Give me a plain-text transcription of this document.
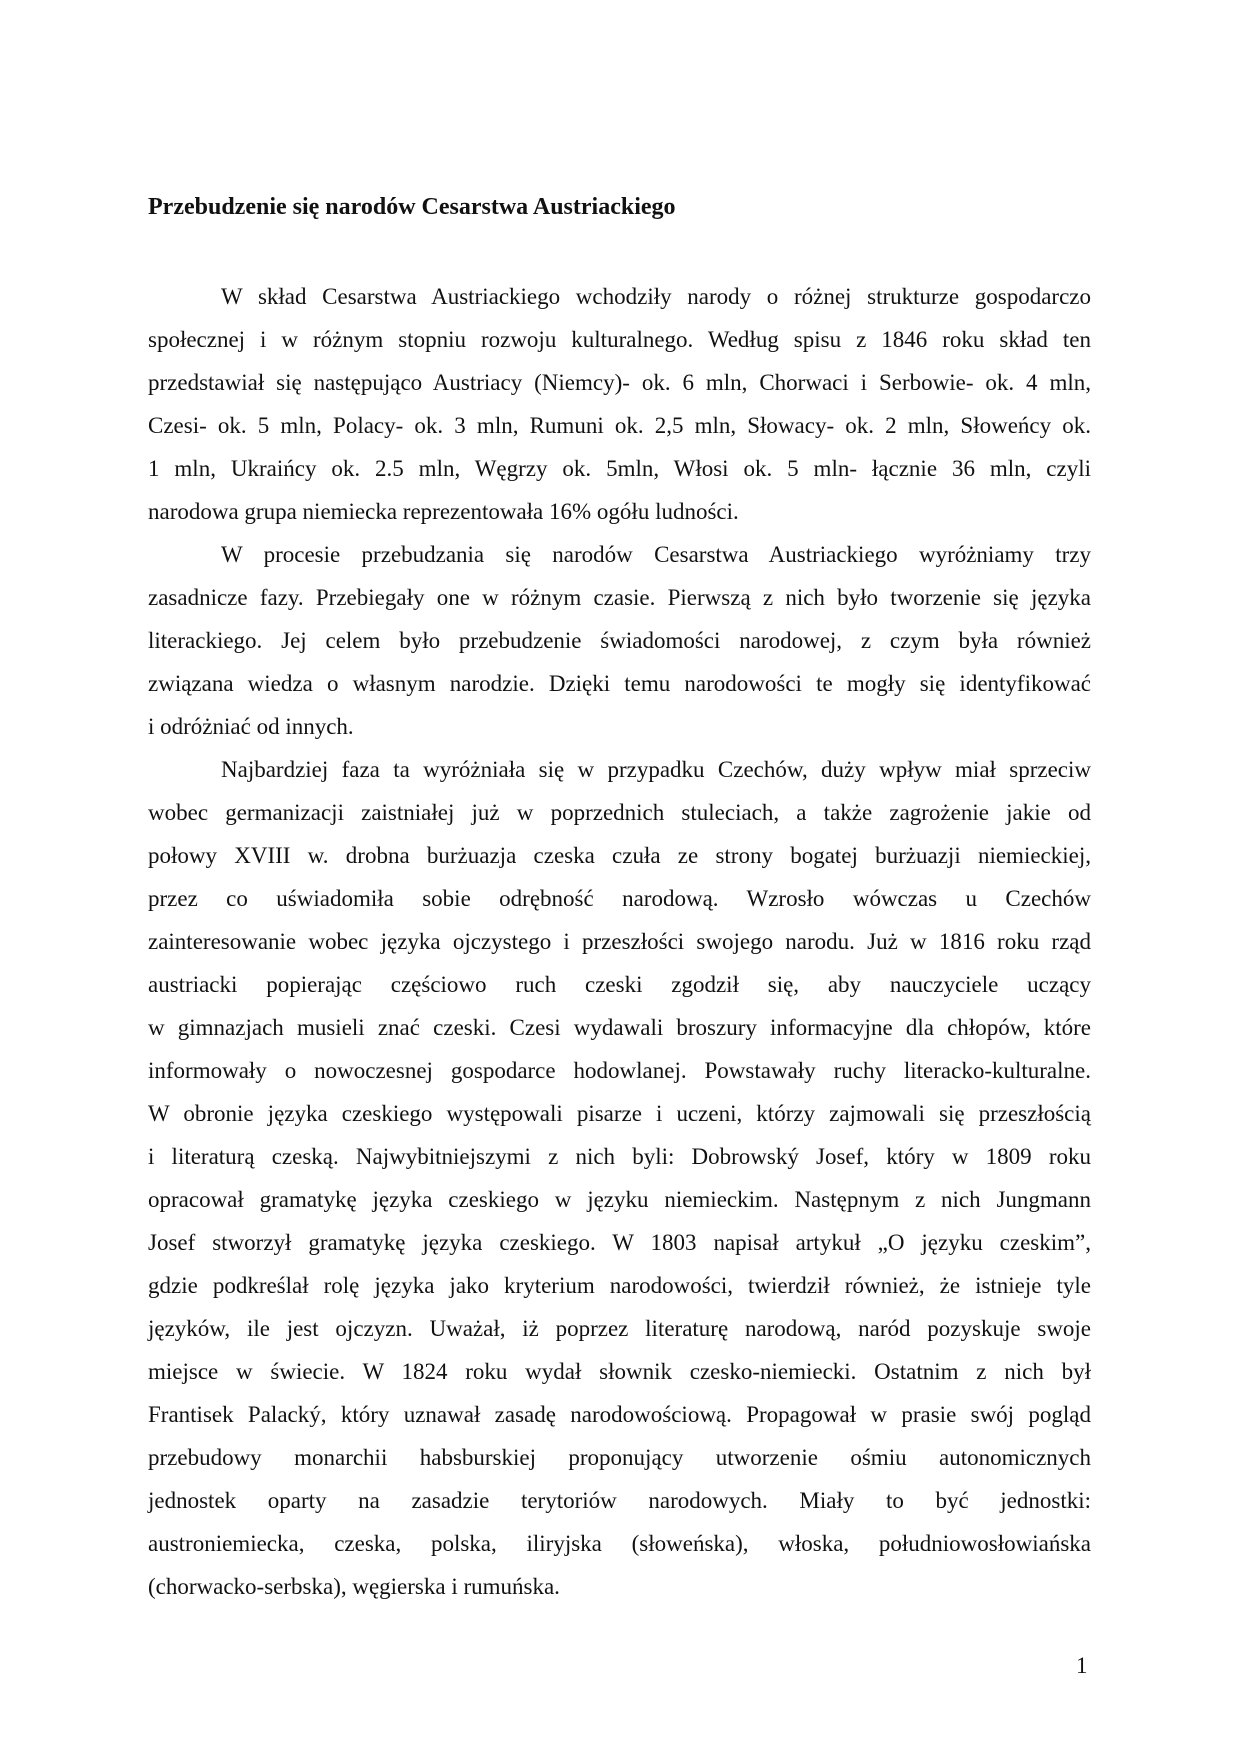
Przebudzenie się narodów Cesarstwa Austriackiego
W skład Cesarstwa Austriackiego wchodziły narody o różnej strukturze gospodarczo
społecznej i w różnym stopniu rozwoju kulturalnego. Według spisu z 1846 roku skład ten
przedstawiał się następująco Austriacy (Niemcy)- ok. 6 mln, Chorwaci i Serbowie- ok. 4 mln,
Czesi- ok. 5 mln, Polacy- ok. 3 mln, Rumuni ok. 2,5 mln, Słowacy- ok. 2 mln, Słoweńcy ok.
1 mln, Ukraińcy ok. 2.5 mln, Węgrzy ok. 5mln, Włosi ok. 5 mln- łącznie 36 mln, czyli
narodowa grupa niemiecka reprezentowała 16% ogółu ludności.
W procesie przebudzania się narodów Cesarstwa Austriackiego wyróżniamy trzy
zasadnicze fazy. Przebiegały one w różnym czasie. Pierwszą z nich było tworzenie się języka
literackiego. Jej celem było przebudzenie świadomości narodowej, z czym była również
związana wiedza o własnym narodzie. Dzięki temu narodowości te mogły się identyfikować
i odróżniać od innych.
Najbardziej faza ta wyróżniała się w przypadku Czechów, duży wpływ miał sprzeciw
wobec germanizacji zaistniałej już w poprzednich stuleciach, a także zagrożenie jakie od
połowy XVIII w. drobna burżuazja czeska czuła ze strony bogatej burżuazji niemieckiej,
przez co uświadomiła sobie odrębność narodową. Wzrosło wówczas u Czechów
zainteresowanie wobec języka ojczystego i przeszłości swojego narodu. Już w 1816 roku rząd
austriacki popierając częściowo ruch czeski zgodził się, aby nauczyciele uczący
w gimnazjach musieli znać czeski. Czesi wydawali broszury informacyjne dla chłopów, które
informowały o nowoczesnej gospodarce hodowlanej. Powstawały ruchy literacko-kulturalne.
W obronie języka czeskiego występowali pisarze i uczeni, którzy zajmowali się przeszłością
i literaturą czeską. Najwybitniejszymi z nich byli: Dobrowský Josef, który w 1809 roku
opracował gramatykę języka czeskiego w języku niemieckim. Następnym z nich Jungmann
Josef stworzył gramatykę języka czeskiego. W 1803 napisał artykuł „O języku czeskim”,
gdzie podkreślał rolę języka jako kryterium narodowości, twierdził również, że istnieje tyle
języków, ile jest ojczyzn. Uważał, iż poprzez literaturę narodową, naród pozyskuje swoje
miejsce w świecie. W 1824 roku wydał słownik czesko-niemiecki. Ostatnim z nich był
Frantisek Palacký, który uznawał zasadę narodowościową. Propagował w prasie swój pogląd
przebudowy monarchii habsburskiej proponujący utworzenie ośmiu autonomicznych
jednostek oparty na zasadzie terytoriów narodowych. Miały to być jednostki:
austroniemiecka, czeska, polska, iliryjska (słoweńska), włoska, południowosłowiańska
(chorwacko-serbska), węgierska i rumuńska.
1
